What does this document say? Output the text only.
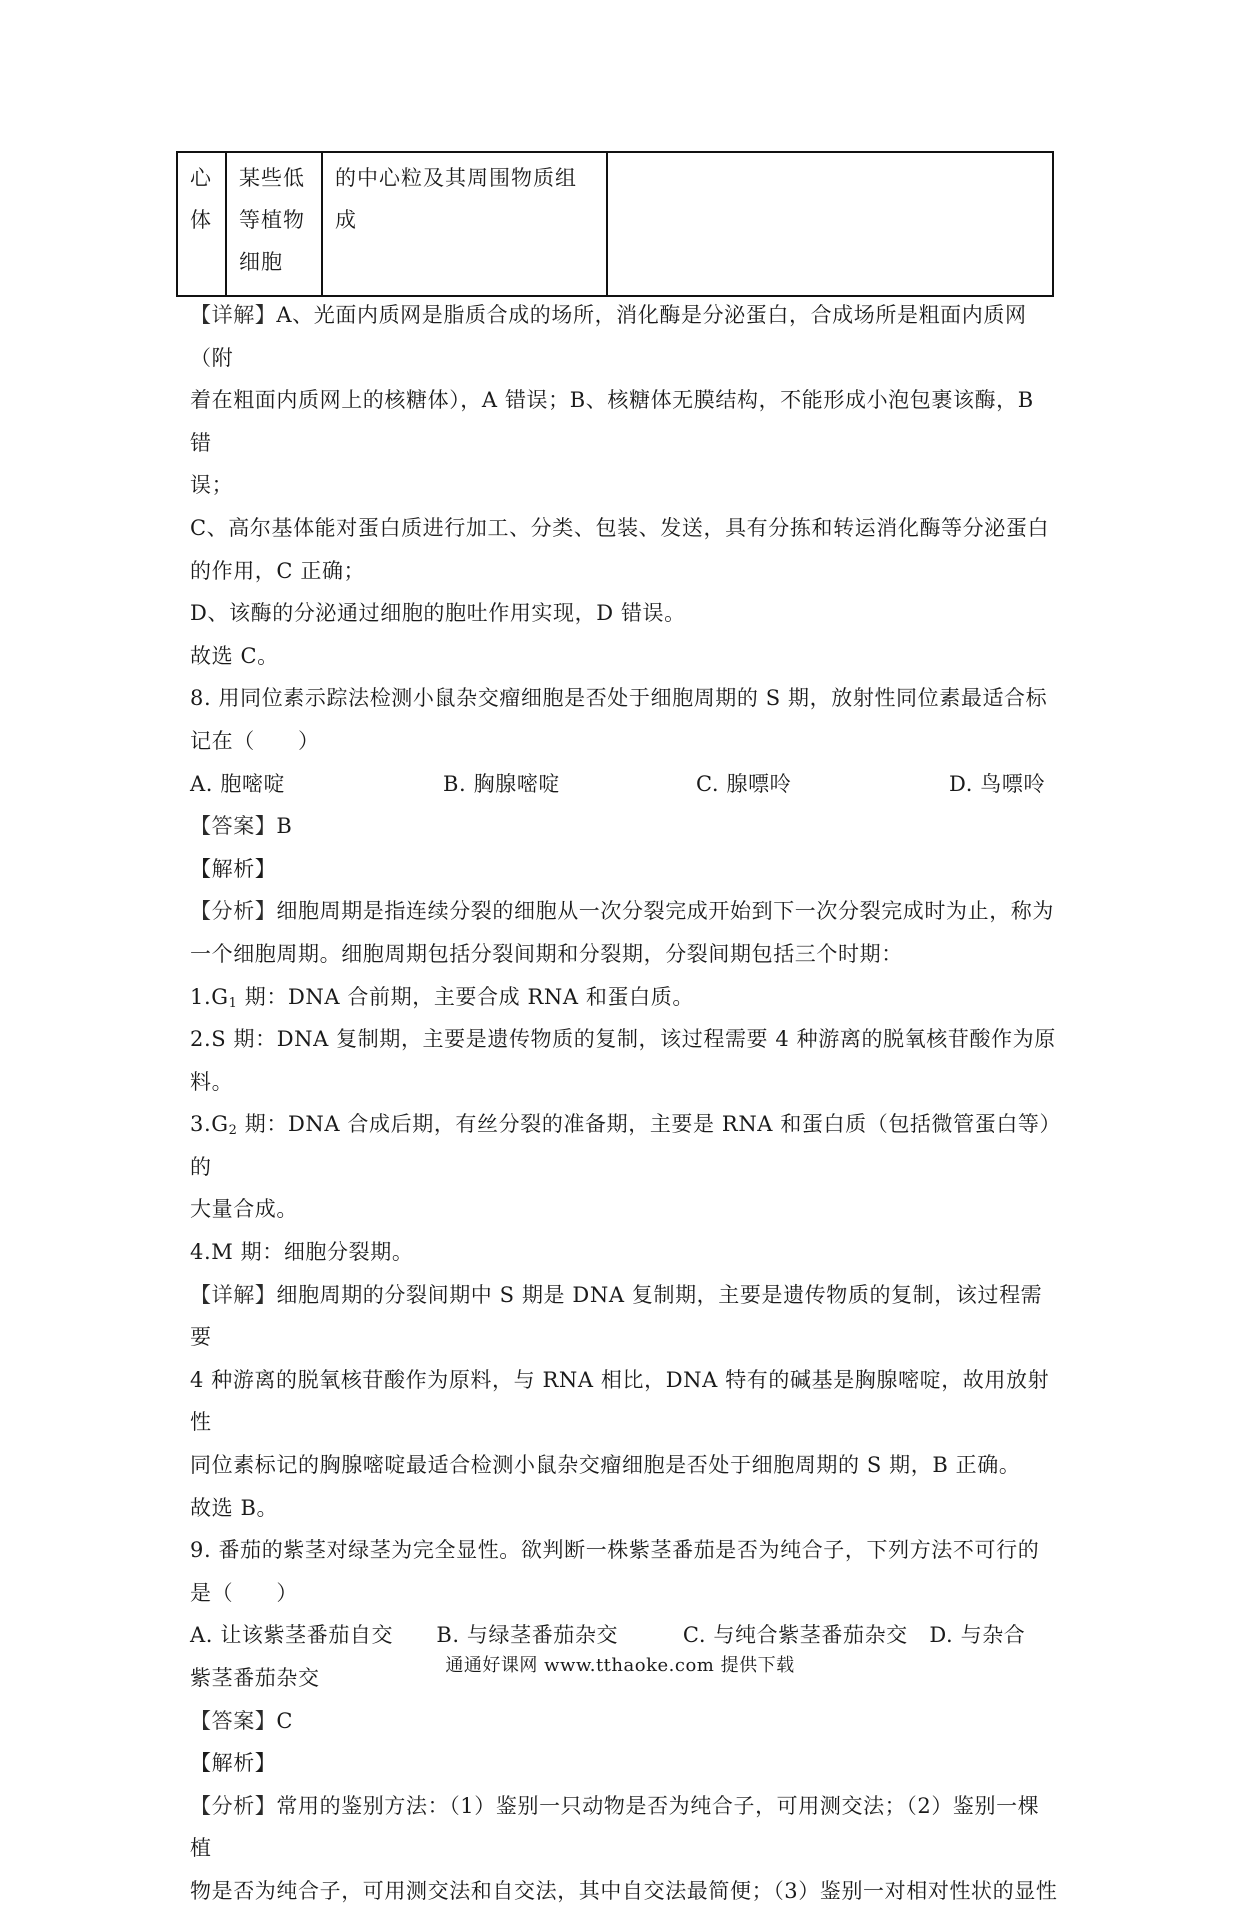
心
体

某些低
等植物
细胞

的中心粒及其周围物质组
成

【详解】A、光面内质网是脂质合成的场所，消化酶是分泌蛋白，合成场所是粗面内质网（附

着在粗面内质网上的核糖体），A 错误；B、核糖体无膜结构，不能形成小泡包裹该酶，B 错

误；

C、高尔基体能对蛋白质进行加工、分类、包装、发送，具有分拣和转运消化酶等分泌蛋白

的作用，C 正确；

D、该酶的分泌通过细胞的胞吐作用实现，D 错误。

故选 C。

8. 用同位素示踪法检测小鼠杂交瘤细胞是否处于细胞周期的 S 期，放射性同位素最适合标

记在（　　）

A. 胞嘧啶	B. 胸腺嘧啶	C. 腺嘌呤	D. 鸟嘌呤

【答案】B

【解析】

【分析】细胞周期是指连续分裂的细胞从一次分裂完成开始到下一次分裂完成时为止，称为

一个细胞周期。细胞周期包括分裂间期和分裂期，分裂间期包括三个时期：

$1.G_1$ 期：DNA 合前期，主要合成 RNA 和蛋白质。

2.S 期：DNA 复制期，主要是遗传物质的复制，该过程需要 4 种游离的脱氧核苷酸作为原料。

$3.G_2$ 期：DNA 合成后期，有丝分裂的准备期，主要是 RNA 和蛋白质（包括微管蛋白等）的

大量合成。

4.M 期：细胞分裂期。

【详解】细胞周期的分裂间期中 S 期是 DNA 复制期，主要是遗传物质的复制，该过程需要

4 种游离的脱氧核苷酸作为原料，与 RNA 相比，DNA 特有的碱基是胸腺嘧啶，故用放射性

同位素标记的胸腺嘧啶最适合检测小鼠杂交瘤细胞是否处于细胞周期的 S 期，B 正确。

故选 B。

9. 番茄的紫茎对绿茎为完全显性。欲判断一株紫茎番茄是否为纯合子，下列方法不可行的

是（　　）

A. 让该紫茎番茄自交　　B. 与绿茎番茄杂交　　　C. 与纯合紫茎番茄杂交　D. 与杂合

紫茎番茄杂交

【答案】C

【解析】

【分析】常用的鉴别方法：（1）鉴别一只动物是否为纯合子，可用测交法；（2）鉴别一棵植

物是否为纯合子，可用测交法和自交法，其中自交法最简便；（3）鉴别一对相对性状的显性

通通好课网 www.tthaoke.com 提供下载
